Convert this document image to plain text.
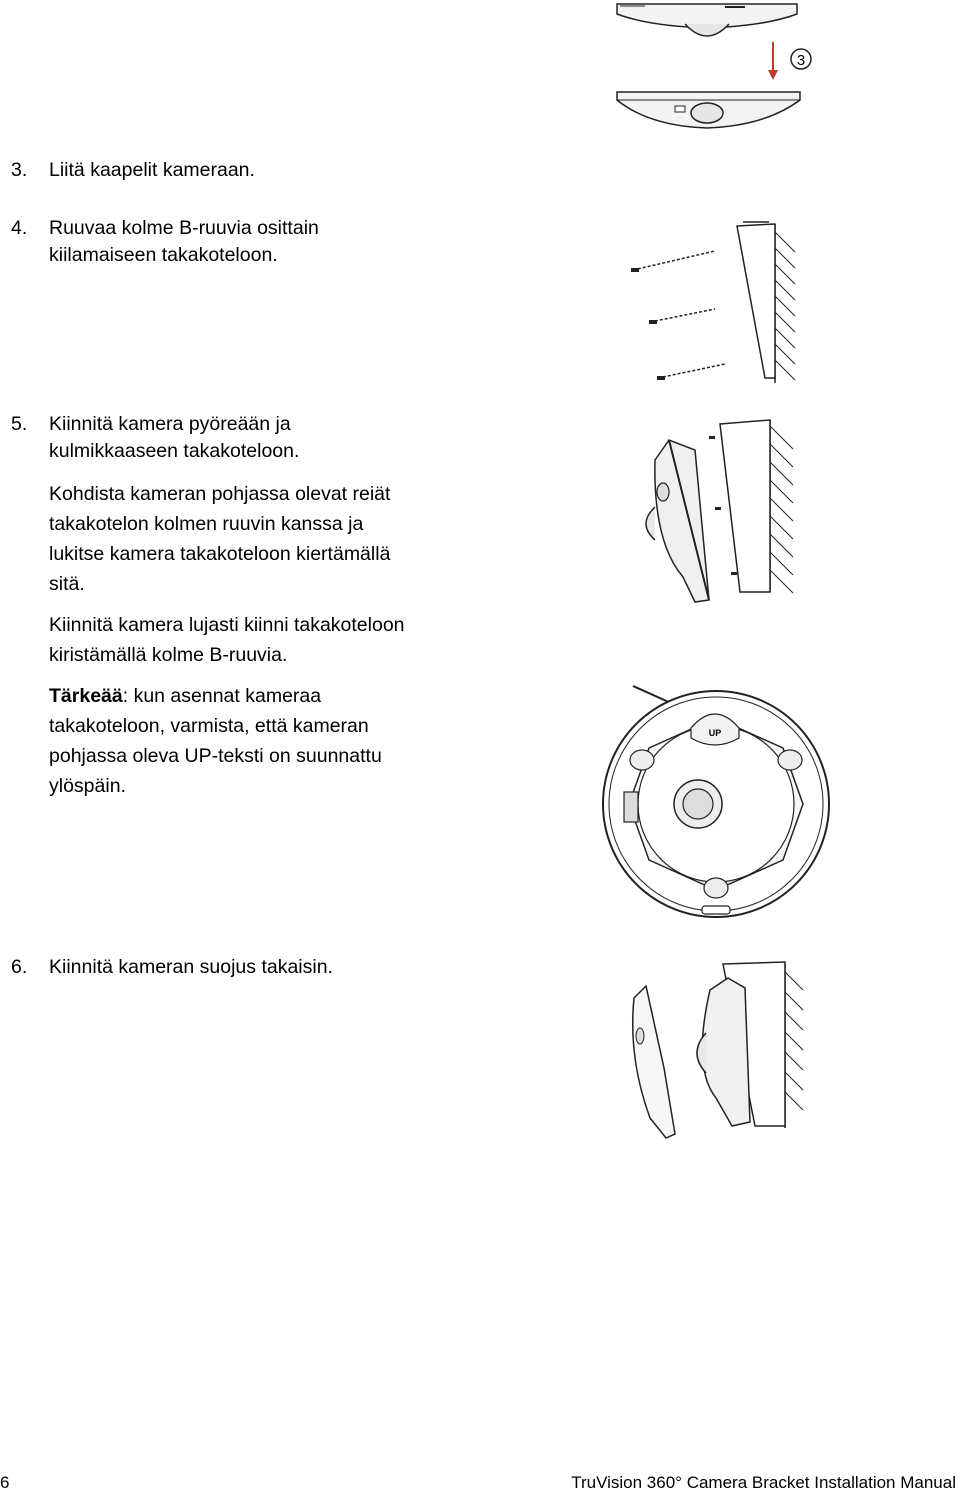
3
3. Liitä kaapelit kameraan.
4. Ruuvaa kolme B-ruuvia osittain
kiilamaiseen takakoteloon.
5. Kiinnitä kamera pyöreään ja
kulmikkaaseen takakoteloon.
Kohdista kameran pohjassa olevat reiät
takakotelon kolmen ruuvin kanssa ja
lukitse kamera takakoteloon kiertämällä
sitä.
Kiinnitä kamera lujasti kiinni takakoteloon
kiristämällä kolme B-ruuvia.
Tärkeää: kun asennat kameraa
takakoteloon, varmista, että kameran
pohjassa oleva UP-teksti on suunnattu
ylöspäin.
UP
6. Kiinnitä kameran suojus takaisin.
6	TruVision 360° Camera Bracket Installation Manual
